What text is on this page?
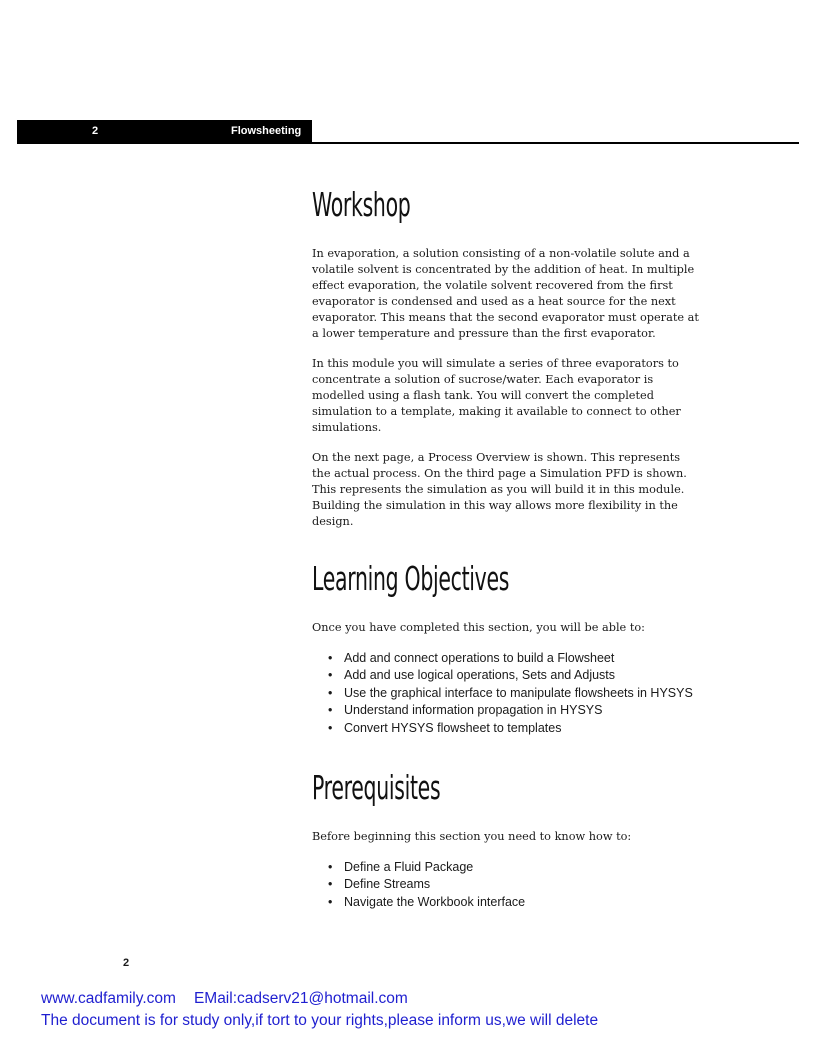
2	Flowsheeting
Workshop

In evaporation, a solution consisting of a non-volatile solute and a volatile solvent is concentrated by the addition of heat. In multiple effect evaporation, the volatile solvent recovered from the first evaporator is condensed and used as a heat source for the next evaporator. This means that the second evaporator must operate at a lower temperature and pressure than the first evaporator.

In this module you will simulate a series of three evaporators to concentrate a solution of sucrose/water. Each evaporator is modelled using a flash tank. You will convert the completed simulation to a template, making it available to connect to other simulations.

On the next page, a Process Overview is shown. This represents the actual process. On the third page a Simulation PFD is shown. This represents the simulation as you will build it in this module. Building the simulation in this way allows more flexibility in the design.

Learning Objectives

Once you have completed this section, you will be able to:

• Add and connect operations to build a Flowsheet
• Add and use logical operations, Sets and Adjusts
• Use the graphical interface to manipulate flowsheets in HYSYS
• Understand information propagation in HYSYS
• Convert HYSYS flowsheet to templates
Prerequisites

Before beginning this section you need to know how to:

• Define a Fluid Package
• Define Streams
• Navigate the Workbook interface
2
www.cadfamily.com EMail:cadserv21@hotmail.com
The document is for study only,if tort to your rights,please inform us,we will delete
